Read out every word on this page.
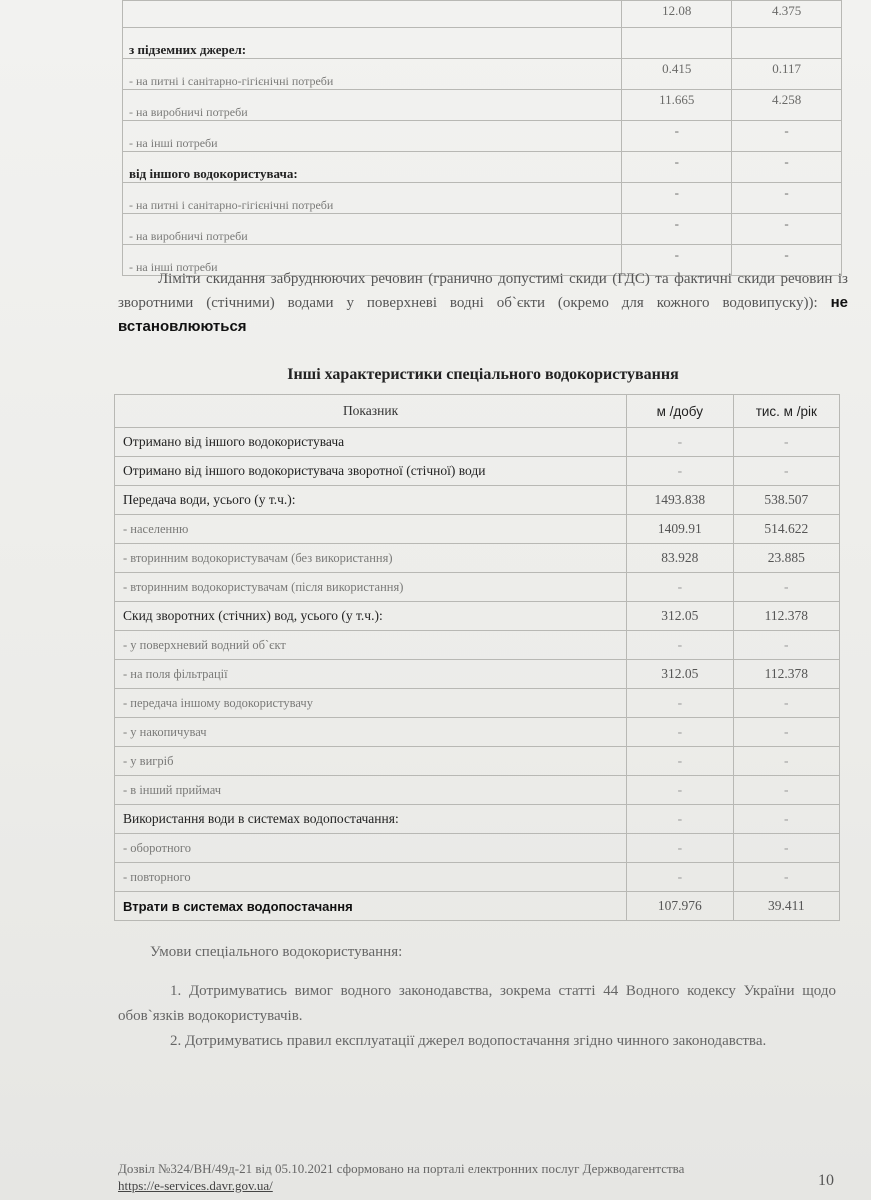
	12.08	4.375
з підземних джерел:		
- на питні і санітарно-гігієнічні потреби	0.415	0.117
- на виробничі потреби	11.665	4.258
- на інші потреби	-	-
від іншого водокористувача:	-	-
- на питні і санітарно-гігієнічні потреби	-	-
- на виробничі потреби	-	-
- на інші потреби	-	-
Ліміти скидання забруднюючих речовин (гранично допустимі скиди (ГДС) та фактичні скиди речовин із зворотними (стічними) водами у поверхневі водні об`єкти (окремо для кожного водовипуску)): не встановлюються
Інші характеристики спеціального водокористування
Показник	м /добу	тис. м /рік
Отримано від іншого водокористувача	-	-
Отримано від іншого водокористувача зворотної (стічної) води	-	-
Передача води, усього (у т.ч.):	1493.838	538.507
- населенню	1409.91	514.622
- вторинним водокористувачам (без використання)	83.928	23.885
- вторинним водокористувачам (після використання)	-	-
Скид зворотних (стічних) вод, усього (у т.ч.):	312.05	112.378
- у поверхневий водний об`єкт	-	-
- на поля фільтрації	312.05	112.378
- передача іншому водокористувачу	-	-
- у накопичувач	-	-
- у вигріб	-	-
- в інший приймач	-	-
Використання води в системах водопостачання:	-	-
- оборотного	-	-
- повторного	-	-
Втрати в системах водопостачання	107.976	39.411

Умови спеціального водокористування:

1. Дотримуватись вимог водного законодавства, зокрема статті 44 Водного кодексу України щодо обов`язків водокористувачів.

2. Дотримуватись правил експлуатації джерел водопостачання згідно чинного законодавства.

Дозвіл №324/ВН/49д-21 від 05.10.2021 сформовано на порталі електронних послуг Держводагентства
https://e-services.davr.gov.ua/	10
